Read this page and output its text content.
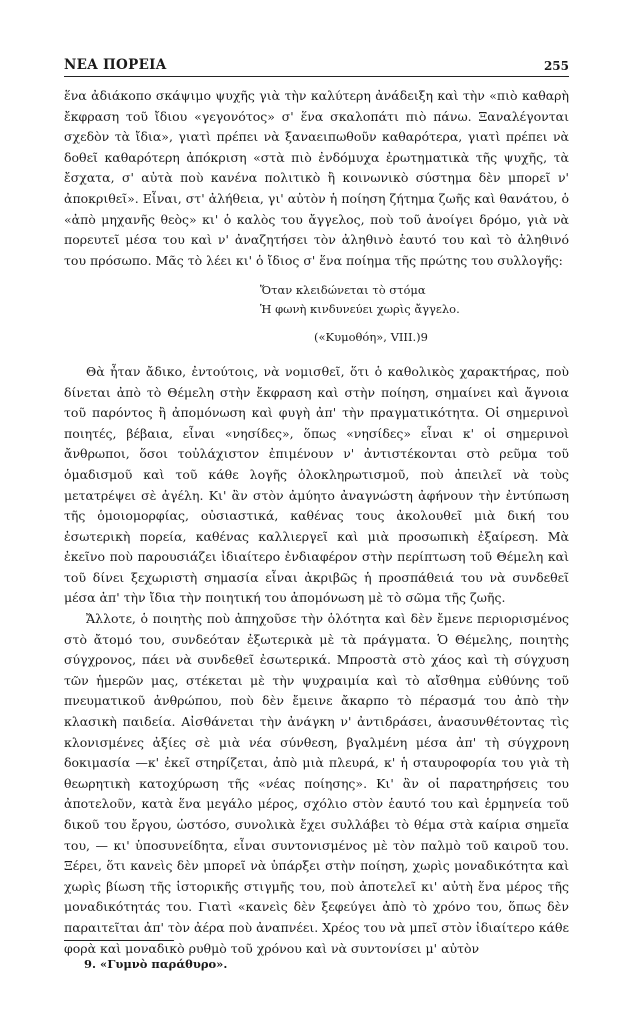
ΝΕΑ ΠΟΡΕΙΑ	255

ἕνα ἀδιάκοπο σκάψιμο ψυχῆς γιὰ τὴν καλύτερη ἀνάδειξη καὶ τὴν «πιὸ καθαρὴ ἔκφραση τοῦ ἴδιου «γεγονότος» σ' ἕνα σκαλοπάτι πιὸ πάνω. Ξαναλέγονται σχεδὸν τὰ ἴδια», γιατὶ πρέπει νὰ ξαναειπωθοῦν καθαρότερα, γιατὶ πρέπει νὰ δοθεῖ καθαρότερη ἀπόκριση «στὰ πιὸ ἐνδόμυχα ἐρωτηματικὰ τῆς ψυχῆς, τὰ ἔσχατα, σ' αὐτὰ ποὺ κανένα πολιτικὸ ἢ κοινωνικὸ σύστημα δὲν μπορεῖ ν' ἀποκριθεῖ». Εἶναι, στ' ἀλήθεια, γι' αὐτὸν ἡ ποίηση ζήτημα ζωῆς καὶ θανάτου, ὁ «ἀπὸ μηχανῆς θεὸς» κι' ὁ καλὸς του ἄγγελος, ποὺ τοῦ ἀνοίγει δρόμο, γιὰ νὰ πορευτεῖ μέσα του καὶ ν' ἀναζητήσει τὸν ἀληθινὸ ἑαυτό του καὶ τὸ ἀληθινό του πρόσωπο. Μᾶς τὸ λέει κι' ὁ ἴδιος σ' ἕνα ποίημα τῆς πρώτης του συλλογῆς:

Ὅταν κλειδώνεται τὸ στόμα
Ἡ φωνὴ κινδυνεύει χωρὶς ἄγγελο.
(«Κυμοθόη», VIII.)9

Θὰ ἦταν ἄδικο, ἐντούτοις, νὰ νομισθεῖ, ὅτι ὁ καθολικὸς χαρακτήρας, ποὺ δίνεται ἀπὸ τὸ Θέμελη στὴν ἔκφραση καὶ στὴν ποίηση, σημαίνει καὶ ἄγνοια τοῦ παρόντος ἢ ἀπομόνωση καὶ φυγὴ ἀπ' τὴν πραγματικότητα. Οἱ σημερινοὶ ποιητές, βέβαια, εἶναι «νησίδες», ὅπως «νησίδες» εἶναι κ' οἱ σημερινοὶ ἄνθρωποι, ὅσοι τοὐλάχιστον ἐπιμένουν ν' ἀντιστέκονται στὸ ρεῦμα τοῦ ὁμαδισμοῦ καὶ τοῦ κάθε λογῆς ὁλοκληρωτισμοῦ, ποὺ ἀπειλεῖ νὰ τοὺς μετατρέψει σὲ ἀγέλη. Κι' ἂν στὸν ἀμύητο ἀναγνώστη ἀφήνουν τὴν ἐντύπωση τῆς ὁμοιομορφίας, οὐσιαστικά, καθένας τους ἀκολουθεῖ μιὰ δική του ἐσωτερικὴ πορεία, καθένας καλλιεργεῖ καὶ μιὰ προσωπικὴ ἐξαίρεση. Μὰ ἐκεῖνο ποὺ παρουσιάζει ἰδιαίτερο ἐνδιαφέρον στὴν περίπτωση τοῦ Θέμελη καὶ τοῦ δίνει ξεχωριστὴ σημασία εἶναι ἀκριβῶς ἡ προσπάθειά του νὰ συνδεθεῖ μέσα ἀπ' τὴν ἴδια τὴν ποιητική του ἀπομόνωση μὲ τὸ σῶμα τῆς ζωῆς.

Ἄλλοτε, ὁ ποιητὴς ποὺ ἀπηχοῦσε τὴν ὁλότητα καὶ δὲν ἔμενε περιορισμένος στὸ ἄτομό του, συνδεόταν ἐξωτερικὰ μὲ τὰ πράγματα. Ὁ Θέμελης, ποιητὴς σύγχρονος, πάει νὰ συνδεθεῖ ἐσωτερικά. Μπροστὰ στὸ χάος καὶ τὴ σύγχυση τῶν ἡμερῶν μας, στέκεται μὲ τὴν ψυχραιμία καὶ τὸ αἴσθημα εὐθύνης τοῦ πνευματικοῦ ἀνθρώπου, ποὺ δὲν ἔμεινε ἄκαρπο τὸ πέρασμά του ἀπὸ τὴν κλασικὴ παιδεία. Αἰσθάνεται τὴν ἀνάγκη ν' ἀντιδράσει, ἀνασυνθέτοντας τὶς κλονισμένες ἀξίες σὲ μιὰ νέα σύνθεση, βγαλμένη μέσα ἀπ' τὴ σύγχρονη δοκιμασία —κ' ἐκεῖ στηρίζεται, ἀπὸ μιὰ πλευρά, κ' ἡ σταυροφορία του γιὰ τὴ θεωρητικὴ κατοχύρωση τῆς «νέας ποίησης». Κι' ἂν οἱ παρατηρήσεις του ἀποτελοῦν, κατὰ ἕνα μεγάλο μέρος, σχόλιο στὸν ἑαυτό του καὶ ἑρμηνεία τοῦ δικοῦ του ἔργου, ὡστόσο, συνολικὰ ἔχει συλλάβει τὸ θέμα στὰ καίρια σημεῖα του, — κι' ὑποσυνείδητα, εἶναι συντονισμένος μὲ τὸν παλμὸ τοῦ καιροῦ του. Ξέρει, ὅτι κανεὶς δὲν μπορεῖ νὰ ὑπάρξει στὴν ποίηση, χωρὶς μοναδικότητα καὶ χωρὶς βίωση τῆς ἱστορικῆς στιγμῆς του, ποὺ ἀποτελεῖ κι' αὐτὴ ἕνα μέρος τῆς μοναδικότητάς του. Γιατὶ «κανεὶς δὲν ξεφεύγει ἀπὸ τὸ χρόνο του, ὅπως δὲν παραιτεῖται ἀπ' τὸν ἀέρα ποὺ ἀναπνέει. Χρέος του νὰ μπεῖ στὸν ἰδιαίτερο κάθε φορὰ καὶ μοναδικὸ ρυθμὸ τοῦ χρόνου καὶ νὰ συντονίσει μ' αὐτὸν

9. «Γυμνὸ παράθυρο».
